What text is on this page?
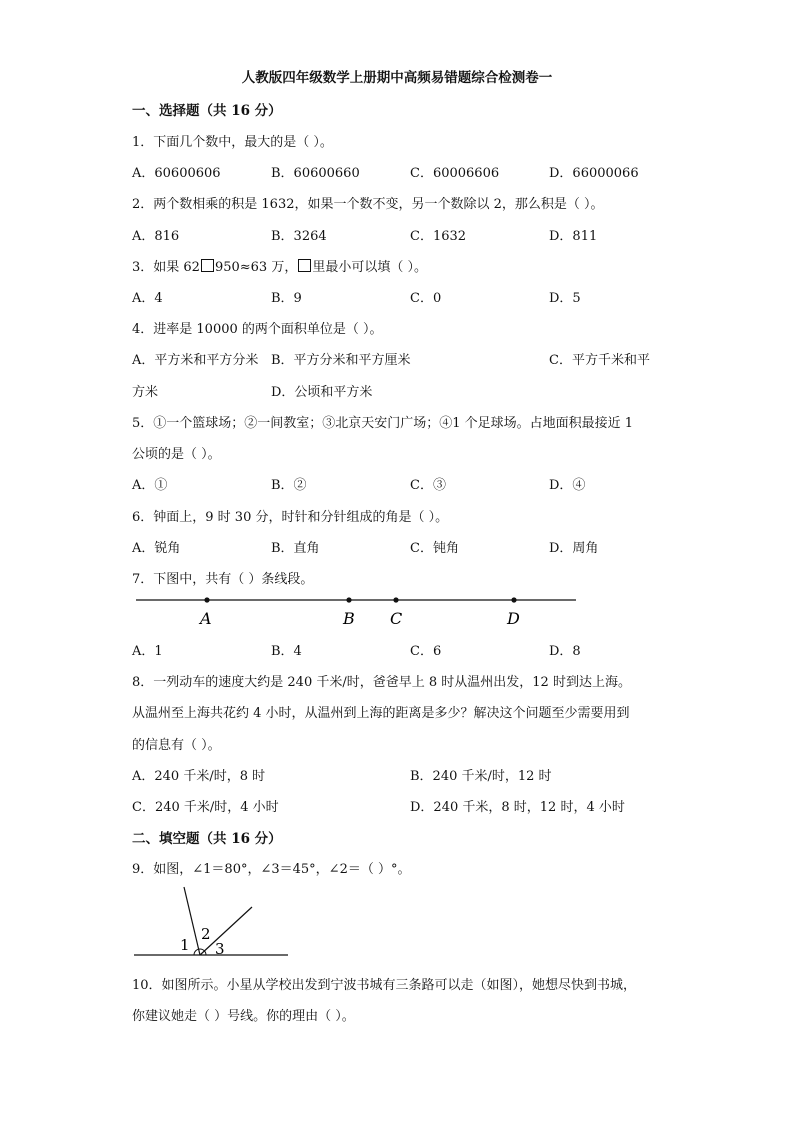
人教版四年级数学上册期中高频易错题综合检测卷一
一、选择题（共 16 分）
1．下面几个数中，最大的是（ ）。
A．60600606	B．60600660	C．60006606	D．66000066
2．两个数相乘的积是 1632，如果一个数不变，另一个数除以 2，那么积是（ ）。
A．816	B．3264	C．1632	D．811
3．如果 62 950≈63 万， 里最小可以填（ ）。
A．4	B．9	C．0	D．5
4．进率是 10000 的两个面积单位是（ ）。
A．平方米和平方分米 B．平方分米和平方厘米	C．平方千米和平
方米	D．公顷和平方米
5．①一个篮球场；②一间教室；③北京天安门广场；④1 个足球场。占地面积最接近 1
公顷的是（ ）。
A．①	B．②	C．③	D．④
6．钟面上，9 时 30 分，时针和分针组成的角是（ ）。
A．锐角	B．直角	C．钝角	D．周角
7．下图中，共有（ ）条线段。
A	B C	D
A．1	B．4	C．6	D．8
8．一列动车的速度大约是 240 千米/时，爸爸早上 8 时从温州出发，12 时到达上海。
从温州至上海共花约 4 小时，从温州到上海的距离是多少？解决这个问题至少需要用到
的信息有（ ）。
A．240 千米/时，8 时	B．240 千米/时，12 时
C．240 千米/时，4 小时	D．240 千米，8 时，12 时，4 小时
二、填空题（共 16 分）
9．如图，∠1＝80°，∠3＝45°，∠2＝（ ）°。
1
2
3
10．如图所示。小星从学校出发到宁波书城有三条路可以走（如图），她想尽快到书城，
你建议她走（ ）号线。你的理由（ ）。
